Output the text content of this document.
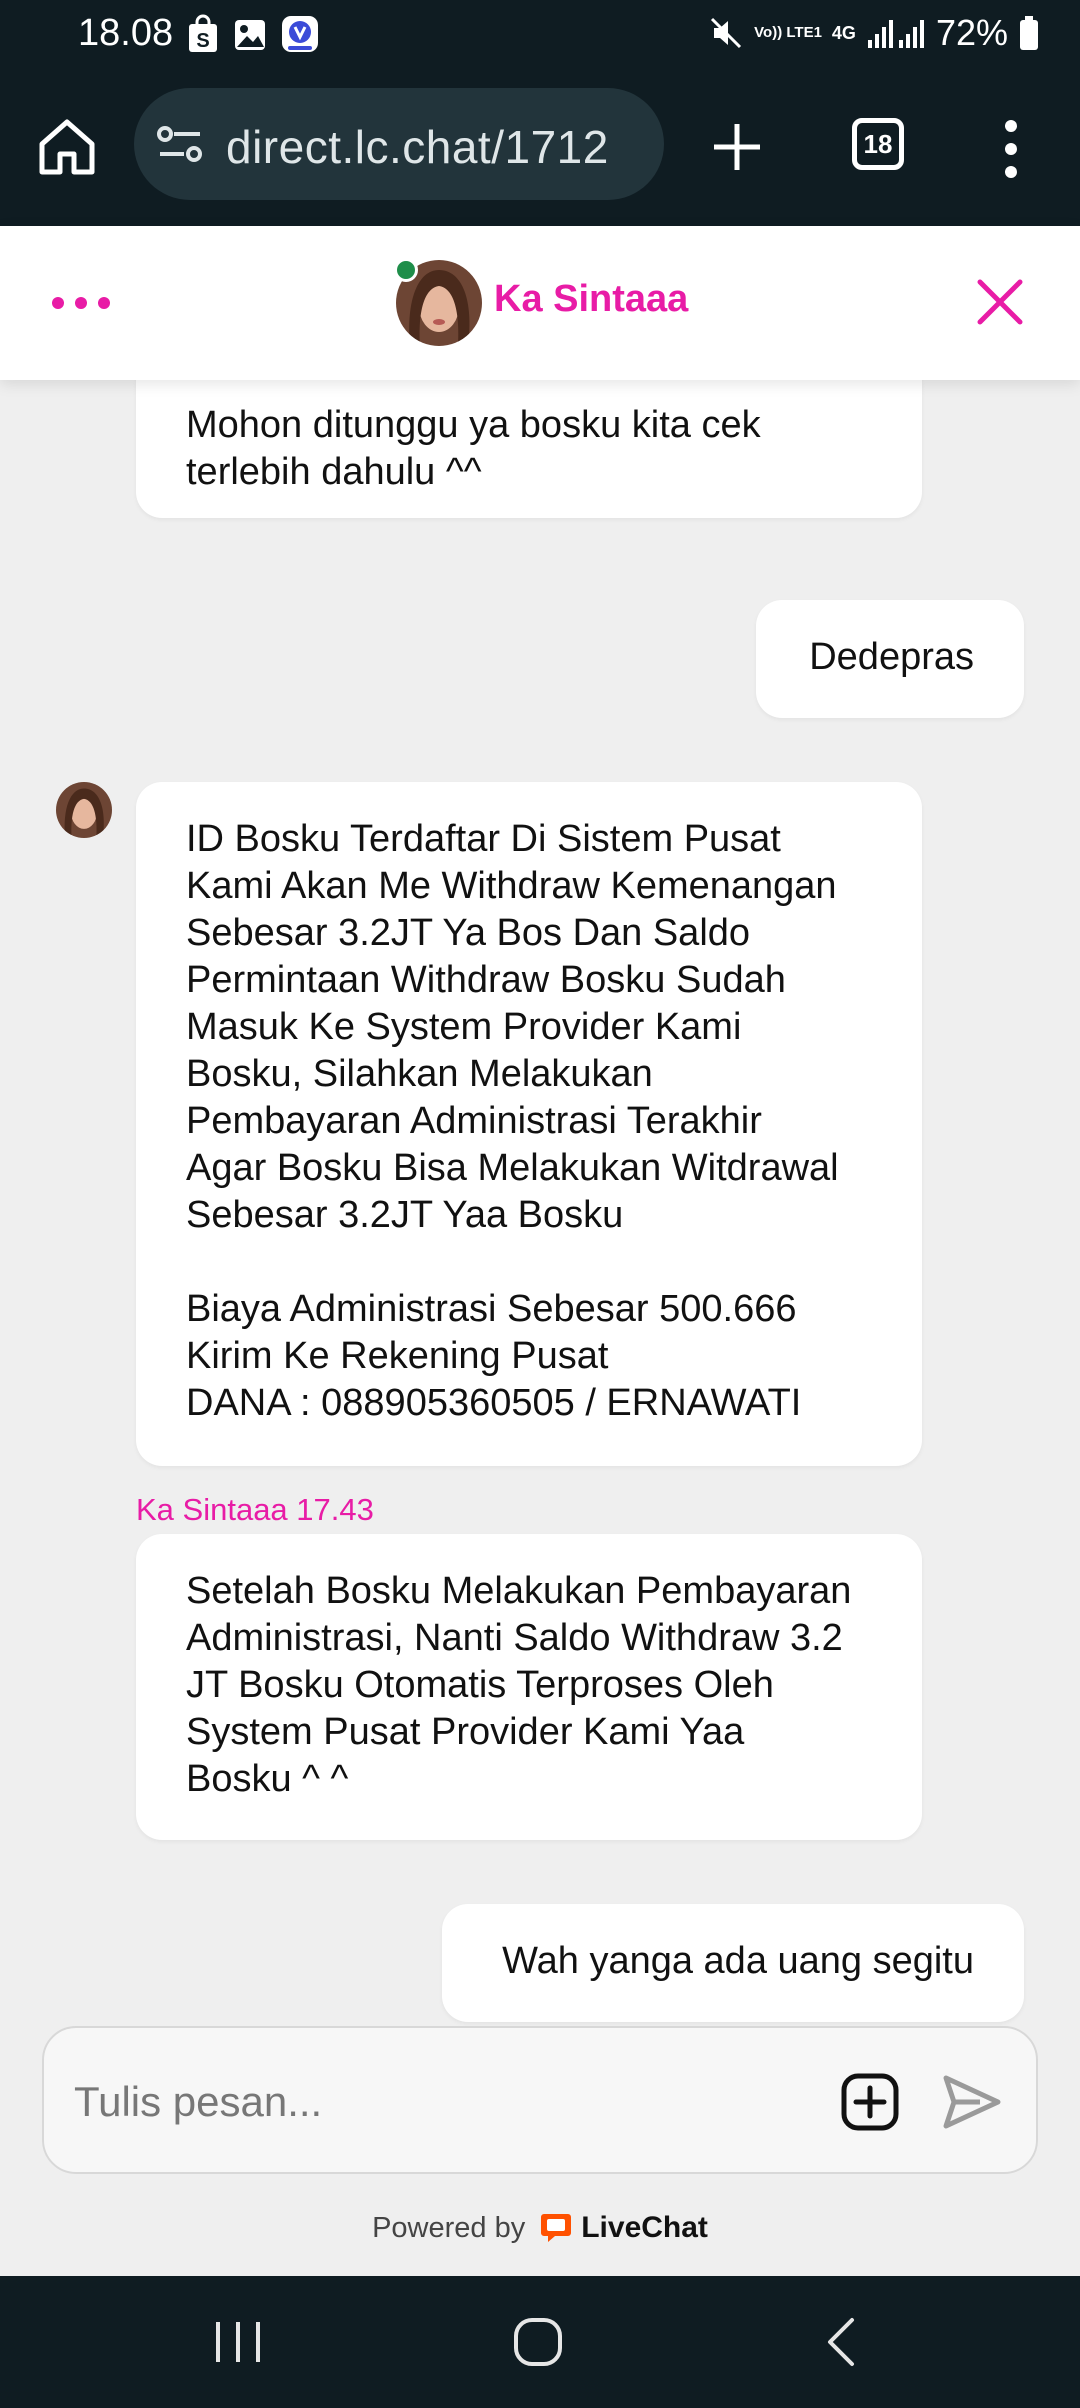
18.08 S	Vo)) LTE1 4G 72%
direct.lc.chat/1712	18
Ka Sintaaa
Mohon ditunggu ya bosku kita cek
terlebih dahulu ^^
Dedepras
ID Bosku Terdaftar Di Sistem Pusat
Kami Akan Me Withdraw Kemenangan
Sebesar 3.2JT Ya Bos Dan Saldo
Permintaan Withdraw Bosku Sudah
Masuk Ke System Provider Kami
Bosku, Silahkan Melakukan
Pembayaran Administrasi Terakhir
Agar Bosku Bisa Melakukan Witdrawal
Sebesar 3.2JT Yaa Bosku
Biaya Administrasi Sebesar 500.666
Kirim Ke Rekening Pusat
DANA : 088905360505 / ERNAWATI
Ka Sintaaa 17.43
Setelah Bosku Melakukan Pembayaran
Administrasi, Nanti Saldo Withdraw 3.2
JT Bosku Otomatis Terproses Oleh
System Pusat Provider Kami Yaa
Bosku ^ ^
Wah yanga ada uang segitu
Tulis pesan...
Powered by LiveChat
